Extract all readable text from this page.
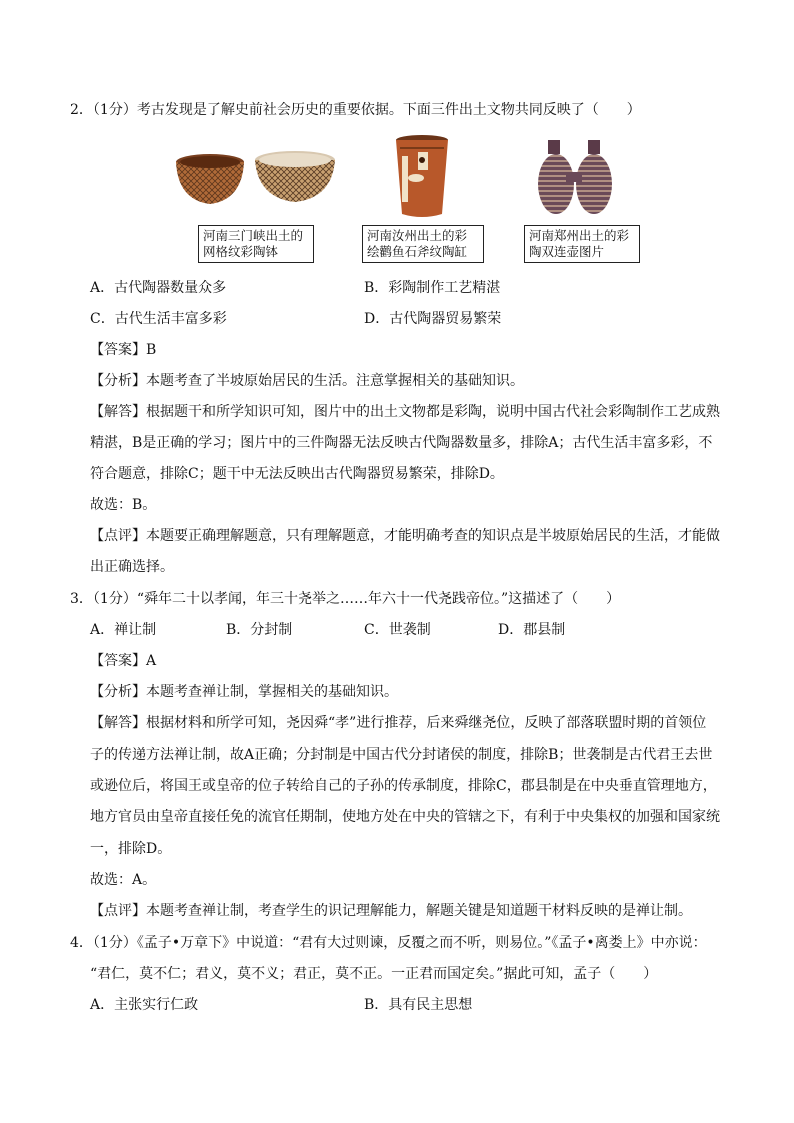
2．（1分）考古发现是了解史前社会历史的重要依据。下面三件出土文物共同反映了（　　）
河南三门峡出土的
网格纹彩陶钵
河南汝州出土的彩
绘鹳鱼石斧纹陶缸
河南郑州出土的彩
陶双连壶图片
A．古代陶器数量众多	B．彩陶制作工艺精湛
C．古代生活丰富多彩	D．古代陶器贸易繁荣
【答案】B
【分析】本题考查了半坡原始居民的生活。注意掌握相关的基础知识。
【解答】根据题干和所学知识可知，图片中的出土文物都是彩陶，说明中国古代社会彩陶制作工艺成熟
精湛，B是正确的学习；图片中的三件陶器无法反映古代陶器数量多，排除A；古代生活丰富多彩，不
符合题意，排除C；题干中无法反映出古代陶器贸易繁荣，排除D。
故选：B。
【点评】本题要正确理解题意，只有理解题意，才能明确考查的知识点是半坡原始居民的生活，才能做
出正确选择。
3．（1分）“舜年二十以孝闻，年三十尧举之……年六十一代尧践帝位。”这描述了（　　）
A．禅让制	B．分封制	C．世袭制	D．郡县制
【答案】A
【分析】本题考查禅让制，掌握相关的基础知识。
【解答】根据材料和所学可知，尧因舜“孝”进行推荐，后来舜继尧位，反映了部落联盟时期的首领位
子的传递方法禅让制，故A正确；分封制是中国古代分封诸侯的制度，排除B；世袭制是古代君王去世
或逊位后，将国王或皇帝的位子转给自己的子孙的传承制度，排除C，郡县制是在中央垂直管理地方，
地方官员由皇帝直接任免的流官任期制，使地方处在中央的管辖之下，有利于中央集权的加强和国家统
一，排除D。
故选：A。
【点评】本题考查禅让制，考查学生的识记理解能力，解题关键是知道题干材料反映的是禅让制。
4．（1分）《孟子•万章下》中说道：“君有大过则谏，反覆之而不听，则易位。”《孟子•离娄上》中亦说：
“君仁，莫不仁；君义，莫不义；君正，莫不正。一正君而国定矣。”据此可知，孟子（　　）
A．主张实行仁政	B．具有民主思想
